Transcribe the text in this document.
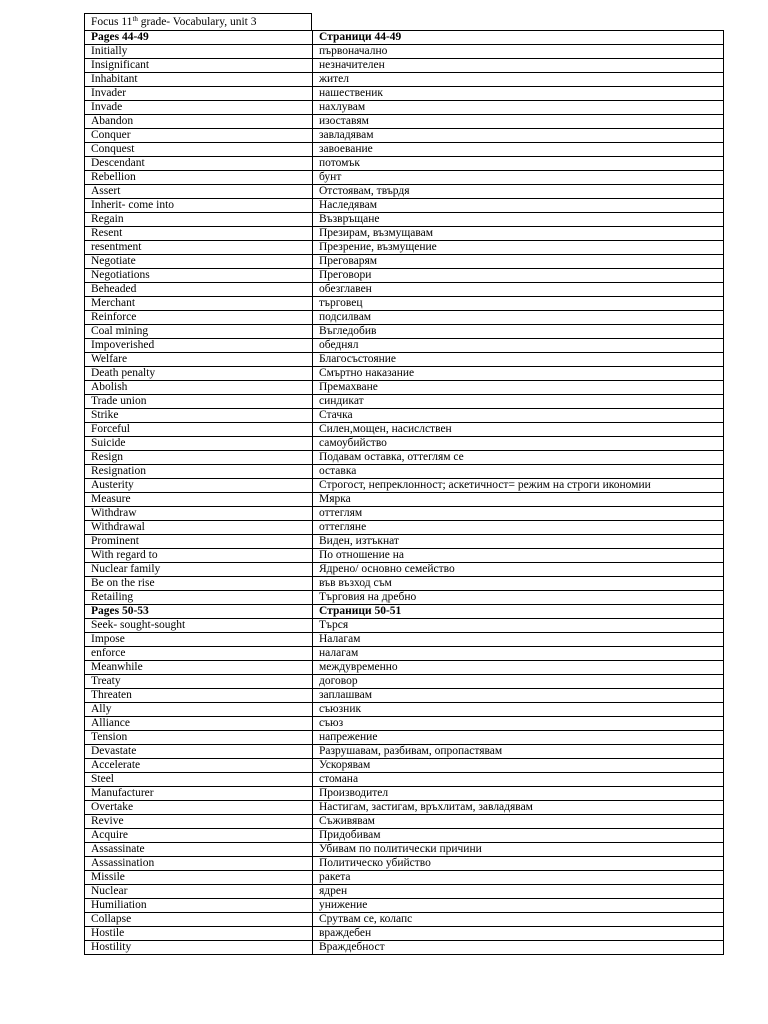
Focus 11th grade- Vocabulary, unit 3
Pages 44-49	Страници 44-49
Initially	първоначално
Insignificant	незначителен
Inhabitant	жител
Invader	нашественик
Invade	нахлувам
Abandon	изоставям
Conquer	завладявам
Conquest	завоевание
Descendant	потомък
Rebellion	бунт
Assert	Отстоявам, твърдя
Inherit- come into	Наследявам
Regain	Възвръщане
Resent	Презирам, възмущавам
resentment	Презрение, възмущение
Negotiate	Преговарям
Negotiations	Преговори
Beheaded	обезглавен
Merchant	търговец
Reinforce	подсилвам
Coal mining	Въгледобив
Impoverished	обеднял
Welfare	Благосъстояние
Death penalty	Смъртно наказание
Abolish	Премахване
Trade union	синдикат
Strike	Стачка
Forceful	Силен,мощен, насислствен
Suicide	самоубийство
Resign	Подавам оставка, оттеглям се
Resignation	оставка
Austerity	Строгост, непреклонност; аскетичност= режим на строги икономии
Measure	Мярка
Withdraw	оттеглям
Withdrawal	оттегляне
Prominent	Виден, изтъкнат
With regard to	По отношение на
Nuclear family	Ядрено/ основно семейство
Be on the rise	във възход съм
Retailing	Търговия на дребно
Pages 50-53	Страници 50-51
Seek- sought-sought	Търся
Impose	Налагам
enforce	налагам
Meanwhile	междувременно
Treaty	договор
Threaten	заплашвам
Ally	съюзник
Alliance	съюз
Tension	напрежение
Devastate	Разрушавам, разбивам, опропастявам
Accelerate	Ускорявам
Steel	стомана
Manufacturer	Производител
Overtake	Настигам, застигам, връхлитам, завладявам
Revive	Съживявам
Acquire	Придобивам
Assassinate	Убивам по политически причини
Assassination	Политическо убийство
Missile	ракета
Nuclear	ядрен
Humiliation	унижение
Collapse	Срутвам се, колапс
Hostile	враждебен
Hostility	Враждебност
